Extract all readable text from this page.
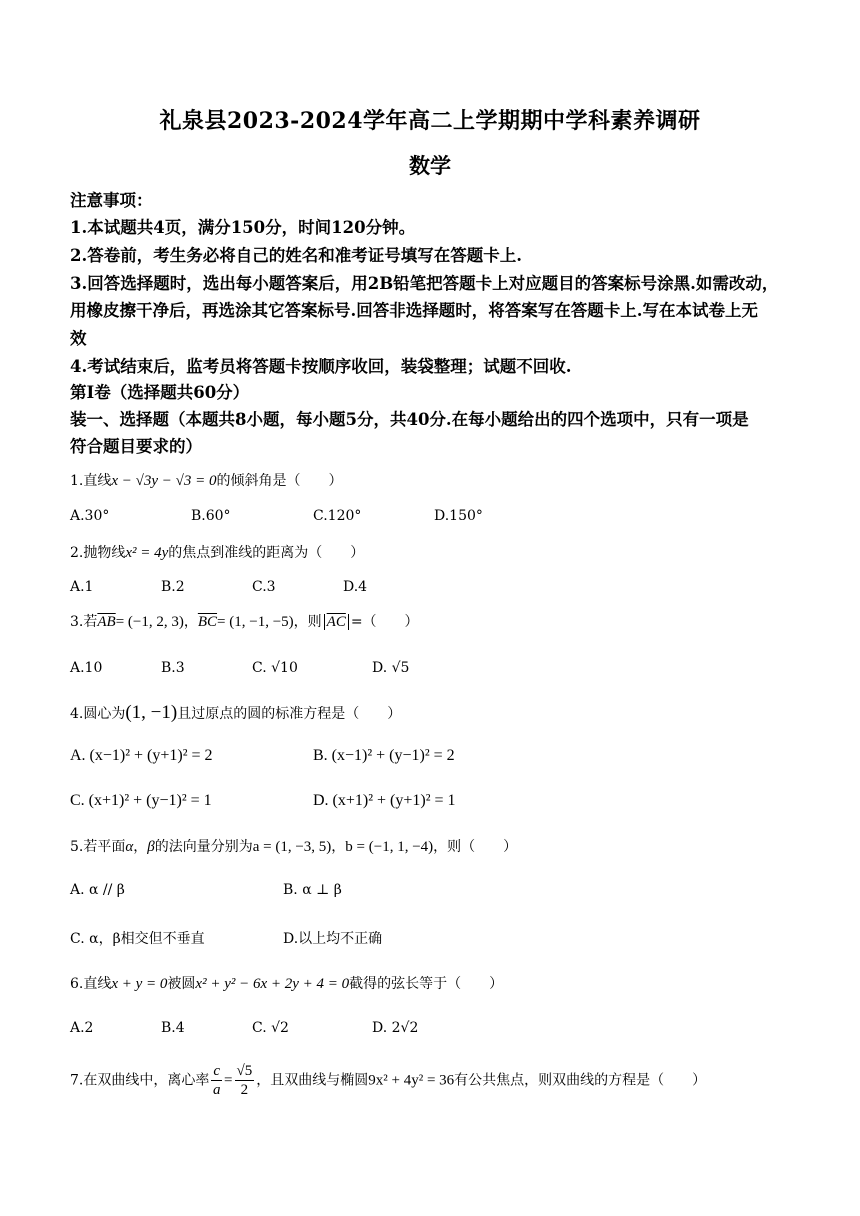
礼泉县2023-2024学年高二上学期期中学科素养调研
数学
注意事项：
1.本试题共4页，满分150分，时间120分钟。
2.答卷前，考生务必将自己的姓名和准考证号填写在答题卡上.
3.回答选择题时，选出每小题答案后，用2B铅笔把答题卡上对应题目的答案标号涂黑.如需改动，
用橡皮擦干净后，再选涂其它答案标号.回答非选择题时，将答案写在答题卡上.写在本试卷上无
效
4.考试结束后，监考员将答题卡按顺序收回，装袋整理；试题不回收.
第I卷（选择题共60分）
装一、选择题（本题共8小题，每小题5分，共40分.在每小题给出的四个选项中，只有一项是
符合题目要求的）
1.直线x − √3y − √3 = 0的倾斜角是（　　）
A.30°	B.60°	C.120°	D.150°
2.抛物线x² = 4y的焦点到准线的距离为（　　）
A.1	B.2	C.3	D.4
3.若$\overline{AB}= (-1$, 2, 3)，$\overline{BC}= (1$, −1, −5)，则 $\overline{AC}$ =（　　）
A.10	B.3	C. √10	D. √5
4.圆心为(1, −1)且过原点的圆的标准方程是（　　）
A. (x−1)² + (y+1)² = 2	B. (x−1)² + (y−1)² = 2
C. (x+1)² + (y−1)² = 1	D. (x+1)² + (y+1)² = 1
5.若平面α，β的法向量分别为a = (1, −3, 5)，b = (−1, 1, −4)，则（　　）
A. α // β	B. α ⊥ β
C. α，β相交但不垂直	D.以上均不正确
6.直线x + y = 0被圆x² + y² − 6x + 2y + 4 = 0截得的弦长等于（　　）
A.2	B.4	C. √2	D. 2√2
7.在双曲线中，离心率 $\frac{c}{a} = \frac{√5}{2}$ ，且双曲线与椭圆9x² + 4y² = 36有公共焦点，则双曲线的方程是（　　）
